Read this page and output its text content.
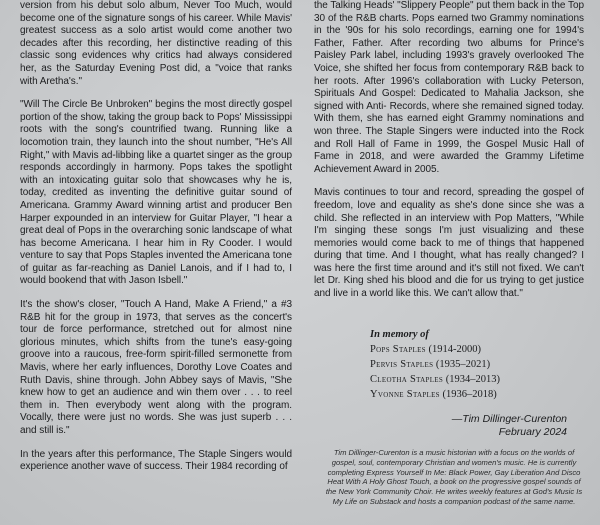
version from his debut solo album, Never Too Much, would become one of the signature songs of his career. While Mavis' greatest success as a solo artist would come another two decades after this recording, her distinctive reading of this classic song evidences why critics had always considered her, as the Saturday Evening Post did, a "voice that ranks with Aretha's."

"Will The Circle Be Unbroken" begins the most directly gospel portion of the show, taking the group back to Pops' Mississippi roots with the song's countrified twang. Running like a locomotion train, they launch into the shout number, "He's All Right," with Mavis ad-libbing like a quartet singer as the group responds accordingly in harmony. Pops takes the spotlight with an intoxicating guitar solo that showcases why he is, today, credited as inventing the definitive guitar sound of Americana. Grammy Award winning artist and producer Ben Harper expounded in an interview for Guitar Player, "I hear a great deal of Pops in the overarching sonic landscape of what has become Americana. I hear him in Ry Cooder. I would venture to say that Pops Staples invented the Americana tone of guitar as far-reaching as Daniel Lanois, and if I had to, I would bookend that with Jason Isbell."

It's the show's closer, "Touch A Hand, Make A Friend," a #3 R&B hit for the group in 1973, that serves as the concert's tour de force performance, stretched out for almost nine glorious minutes, which shifts from the tune's easy-going groove into a raucous, free-form spirit-filled sermonette from Mavis, where her early influences, Dorothy Love Coates and Ruth Davis, shine through. John Abbey says of Mavis, "She knew how to get an audience and win them over . . . to reel them in. Then everybody went along with the program. Vocally, there were just no words. She was just superb . . . and still is."

In the years after this performance, The Staple Singers would experience another wave of success. Their 1984 recording of

the Talking Heads' "Slippery People" put them back in the Top 30 of the R&B charts. Pops earned two Grammy nominations in the '90s for his solo recordings, earning one for 1994's Father, Father. After recording two albums for Prince's Paisley Park label, including 1993's gravely overlooked The Voice, she shifted her focus from contemporary R&B back to her roots. After 1996's collaboration with Lucky Peterson, Spirituals And Gospel: Dedicated to Mahalia Jackson, she signed with Anti- Records, where she remained signed today. With them, she has earned eight Grammy nominations and won three. The Staple Singers were inducted into the Rock and Roll Hall of Fame in 1999, the Gospel Music Hall of Fame in 2018, and were awarded the Grammy Lifetime Achievement Award in 2005.

Mavis continues to tour and record, spreading the gospel of freedom, love and equality as she's done since she was a child. She reflected in an interview with Pop Matters, "While I'm singing these songs I'm just visualizing and these memories would come back to me of things that happened during that time. And I thought, what has really changed? I was here the first time around and it's still not fixed. We can't let Dr. King shed his blood and die for us trying to get justice and live in a world like this. We can't allow that."

In memory of
Pops Staples (1914-2000)
Pervis Staples (1935–2021)
Cleotha Staples (1934–2013)
Yvonne Staples (1936–2018)
—Tim Dillinger-Curenton
February 2024
Tim Dillinger-Curenton is a music historian with a focus on the worlds of gospel, soul, contemporary Christian and women's music. He is currently completing Express Yourself In Me: Black Power, Gay Liberation And Disco Heat With A Holy Ghost Touch, a book on the progressive gospel sounds of the New York Community Choir. He writes weekly features at God's Music Is My Life on Substack and hosts a companion podcast of the same name.
